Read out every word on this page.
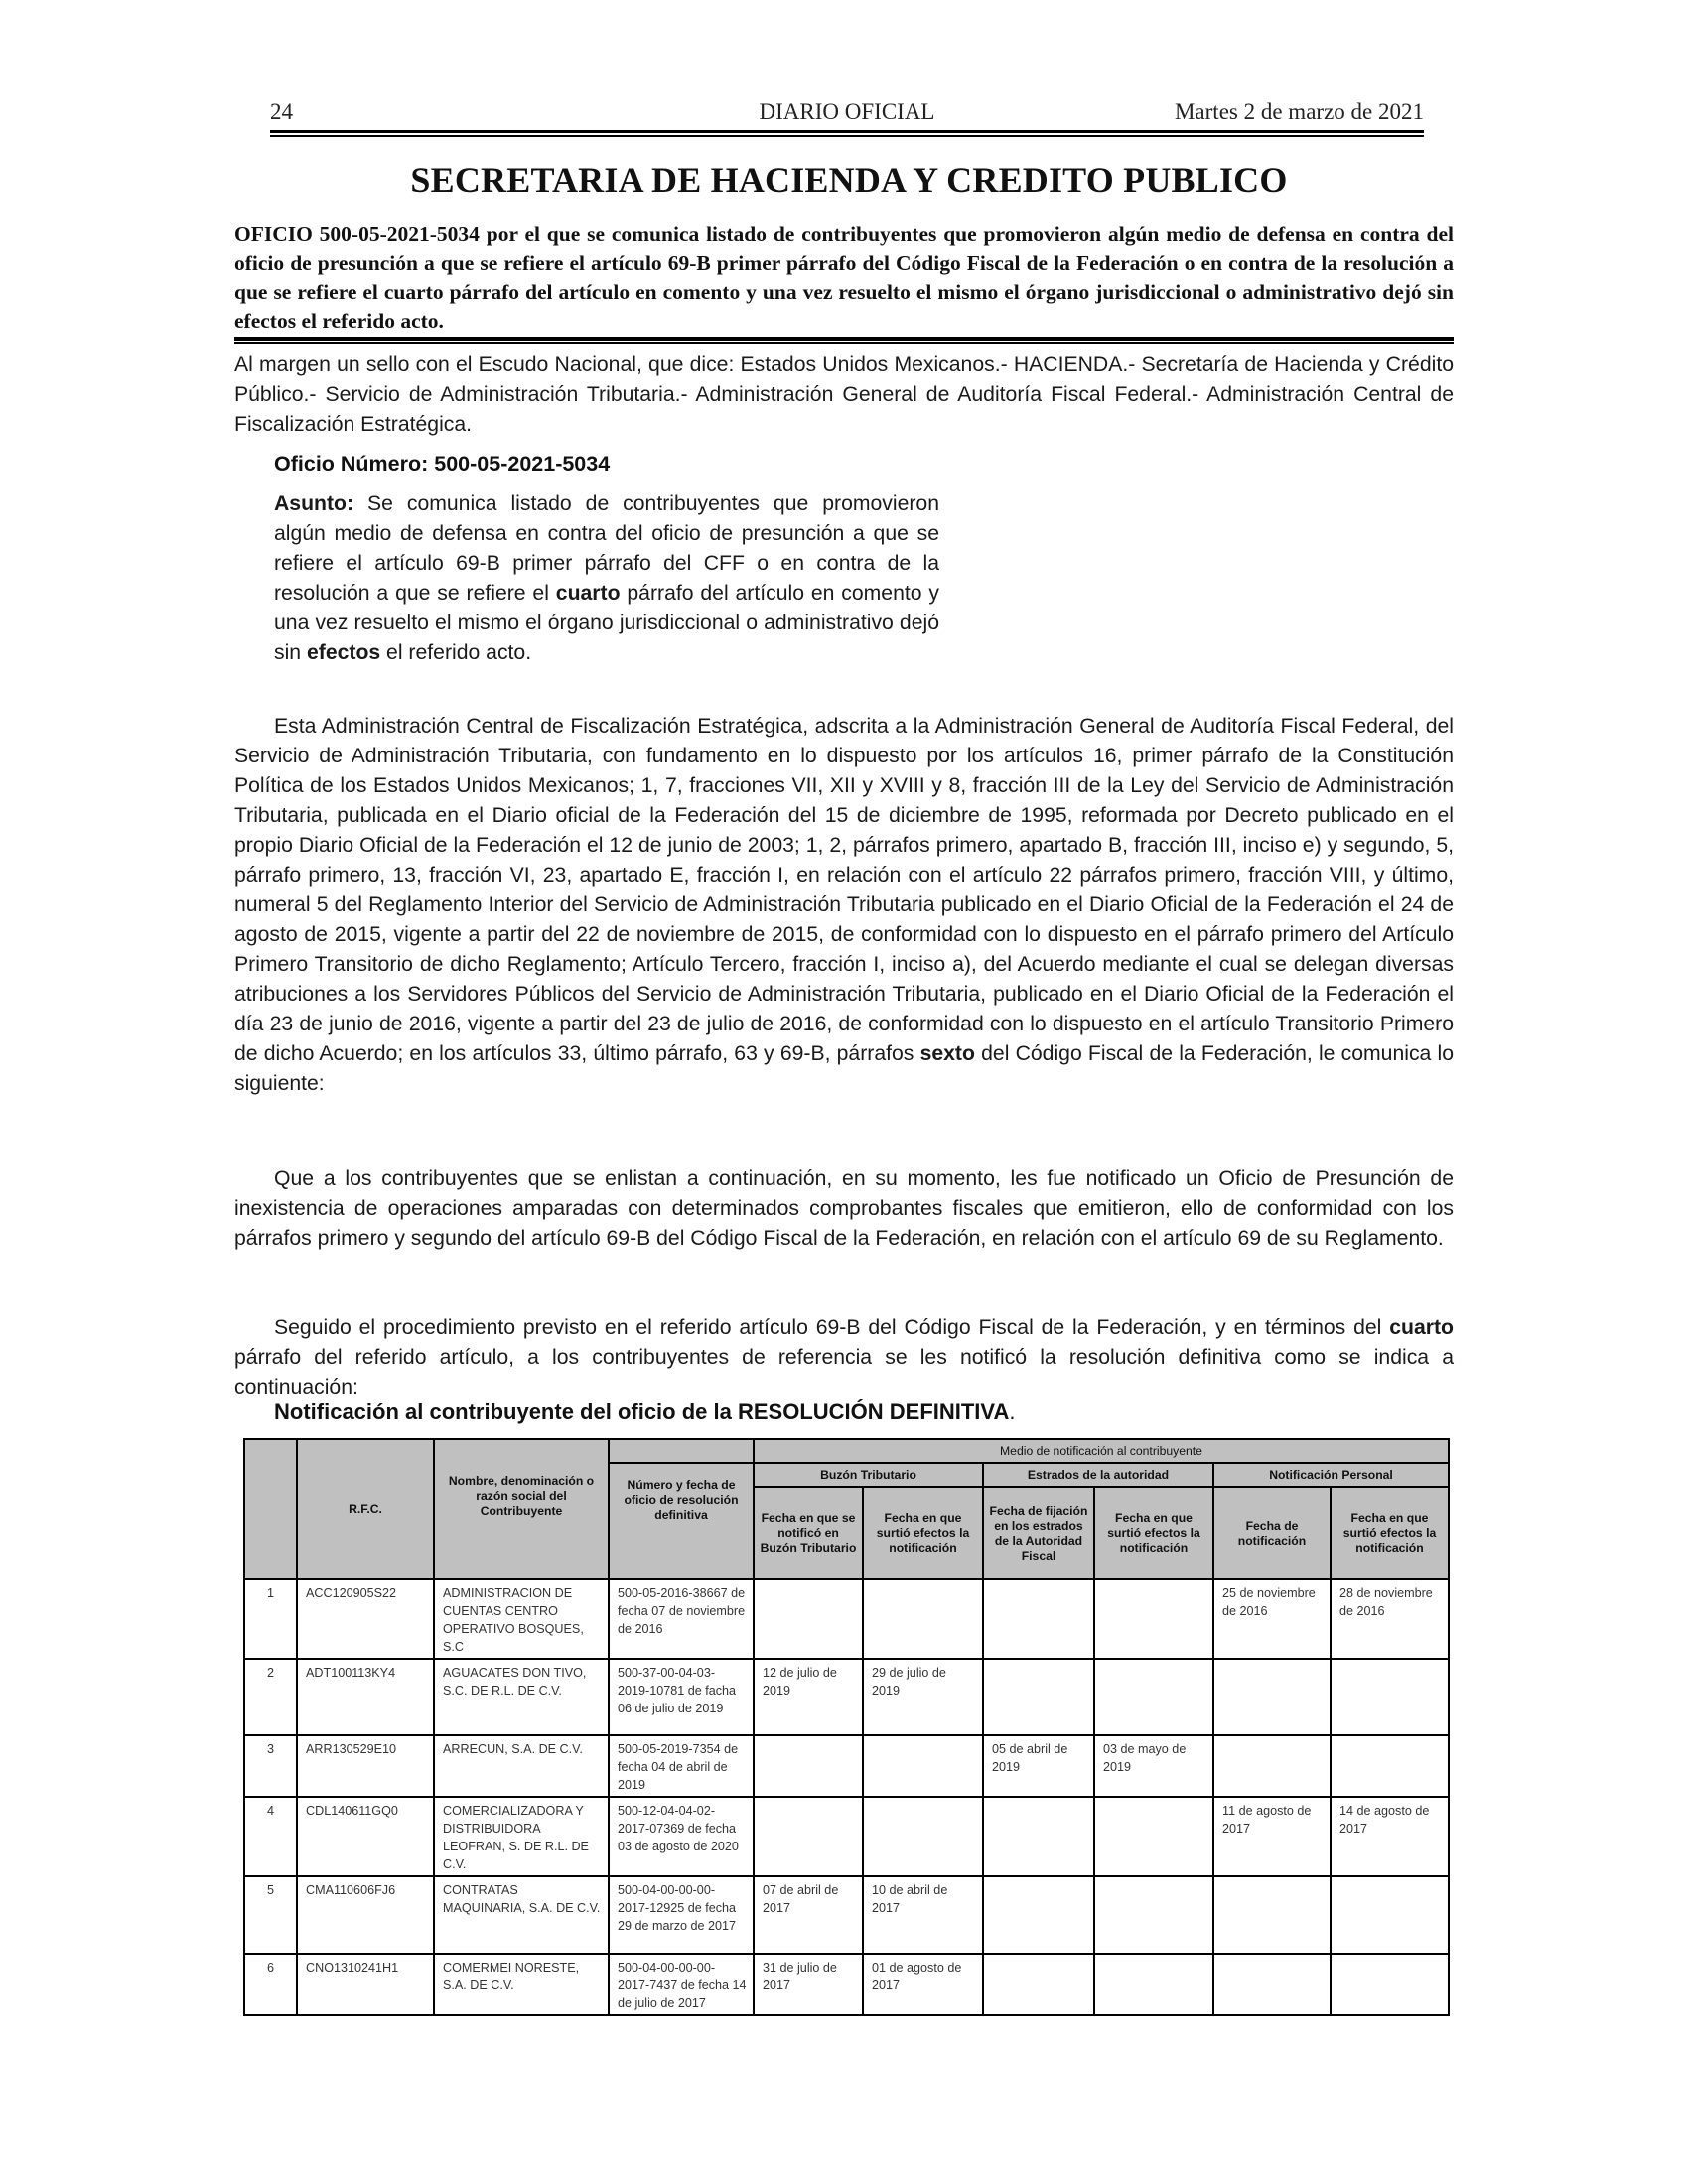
24	DIARIO OFICIAL	Martes 2 de marzo de 2021
SECRETARIA DE HACIENDA Y CREDITO PUBLICO
OFICIO 500-05-2021-5034 por el que se comunica listado de contribuyentes que promovieron algún medio de defensa en contra del oficio de presunción a que se refiere el artículo 69-B primer párrafo del Código Fiscal de la Federación o en contra de la resolución a que se refiere el cuarto párrafo del artículo en comento y una vez resuelto el mismo el órgano jurisdiccional o administrativo dejó sin efectos el referido acto.
Al margen un sello con el Escudo Nacional, que dice: Estados Unidos Mexicanos.- HACIENDA.- Secretaría de Hacienda y Crédito Público.- Servicio de Administración Tributaria.- Administración General de Auditoría Fiscal Federal.- Administración Central de Fiscalización Estratégica.
Oficio Número: 500-05-2021-5034
Asunto: Se comunica listado de contribuyentes que promovieron algún medio de defensa en contra del oficio de presunción a que se refiere el artículo 69-B primer párrafo del CFF o en contra de la resolución a que se refiere el cuarto párrafo del artículo en comento y una vez resuelto el mismo el órgano jurisdiccional o administrativo dejó sin efectos el referido acto.
Esta Administración Central de Fiscalización Estratégica, adscrita a la Administración General de Auditoría Fiscal Federal, del Servicio de Administración Tributaria, con fundamento en lo dispuesto por los artículos 16, primer párrafo de la Constitución Política de los Estados Unidos Mexicanos; 1, 7, fracciones VII, XII y XVIII y 8, fracción III de la Ley del Servicio de Administración Tributaria, publicada en el Diario oficial de la Federación del 15 de diciembre de 1995, reformada por Decreto publicado en el propio Diario Oficial de la Federación el 12 de junio de 2003; 1, 2, párrafos primero, apartado B, fracción III, inciso e) y segundo, 5, párrafo primero, 13, fracción VI, 23, apartado E, fracción I, en relación con el artículo 22 párrafos primero, fracción VIII, y último, numeral 5 del Reglamento Interior del Servicio de Administración Tributaria publicado en el Diario Oficial de la Federación el 24 de agosto de 2015, vigente a partir del 22 de noviembre de 2015, de conformidad con lo dispuesto en el párrafo primero del Artículo Primero Transitorio de dicho Reglamento; Artículo Tercero, fracción I, inciso a), del Acuerdo mediante el cual se delegan diversas atribuciones a los Servidores Públicos del Servicio de Administración Tributaria, publicado en el Diario Oficial de la Federación el día 23 de junio de 2016, vigente a partir del 23 de julio de 2016, de conformidad con lo dispuesto en el artículo Transitorio Primero de dicho Acuerdo; en los artículos 33, último párrafo, 63 y 69-B, párrafos sexto del Código Fiscal de la Federación, le comunica lo siguiente:
Que a los contribuyentes que se enlistan a continuación, en su momento, les fue notificado un Oficio de Presunción de inexistencia de operaciones amparadas con determinados comprobantes fiscales que emitieron, ello de conformidad con los párrafos primero y segundo del artículo 69-B del Código Fiscal de la Federación, en relación con el artículo 69 de su Reglamento.
Seguido el procedimiento previsto en el referido artículo 69-B del Código Fiscal de la Federación, y en términos del cuarto párrafo del referido artículo, a los contribuyentes de referencia se les notificó la resolución definitiva como se indica a continuación:
Notificación al contribuyente del oficio de la RESOLUCIÓN DEFINITIVA.
	R.F.C.	Nombre, denominación o razón social del Contribuyente	Número y fecha de oficio de resolución definitiva	Medio de notificación al contribuyente					
				Buzón Tributario		Estrados de la autoridad		Notificación Personal	
				Fecha en que se notificó en Buzón Tributario	Fecha en que surtió efectos la notificación	Fecha de fijación en los estrados de la Autoridad Fiscal	Fecha en que surtió efectos la notificación	Fecha de notificación	Fecha en que surtió efectos la notificación
1	ACC120905S22	ADMINISTRACION DE CUENTAS CENTRO OPERATIVO BOSQUES, S.C	500-05-2016-38667 de fecha 07 de noviembre de 2016					25 de noviembre de 2016	28 de noviembre de 2016
2	ADT100113KY4	AGUACATES DON TIVO, S.C. DE R.L. DE C.V.	500-37-00-04-03-2019-10781 de facha 06 de julio de 2019	12 de julio de 2019	29 de julio de 2019				
3	ARR130529E10	ARRECUN, S.A. DE C.V.	500-05-2019-7354 de fecha 04 de abril de 2019			05 de abril de 2019	03 de mayo de 2019		
4	CDL140611GQ0	COMERCIALIZADORA Y DISTRIBUIDORA LEOFRAN, S. DE R.L. DE C.V.	500-12-04-04-02-2017-07369 de fecha 03 de agosto de 2020					11 de agosto de 2017	14 de agosto de 2017
5	CMA110606FJ6	CONTRATAS MAQUINARIA, S.A. DE C.V.	500-04-00-00-00-2017-12925 de fecha 29 de marzo de 2017	07 de abril de 2017	10 de abril de 2017				
6	CNO1310241H1	COMERMEI NORESTE, S.A. DE C.V.	500-04-00-00-00-2017-7437 de fecha 14 de julio de 2017	31 de julio de 2017	01 de agosto de 2017				
